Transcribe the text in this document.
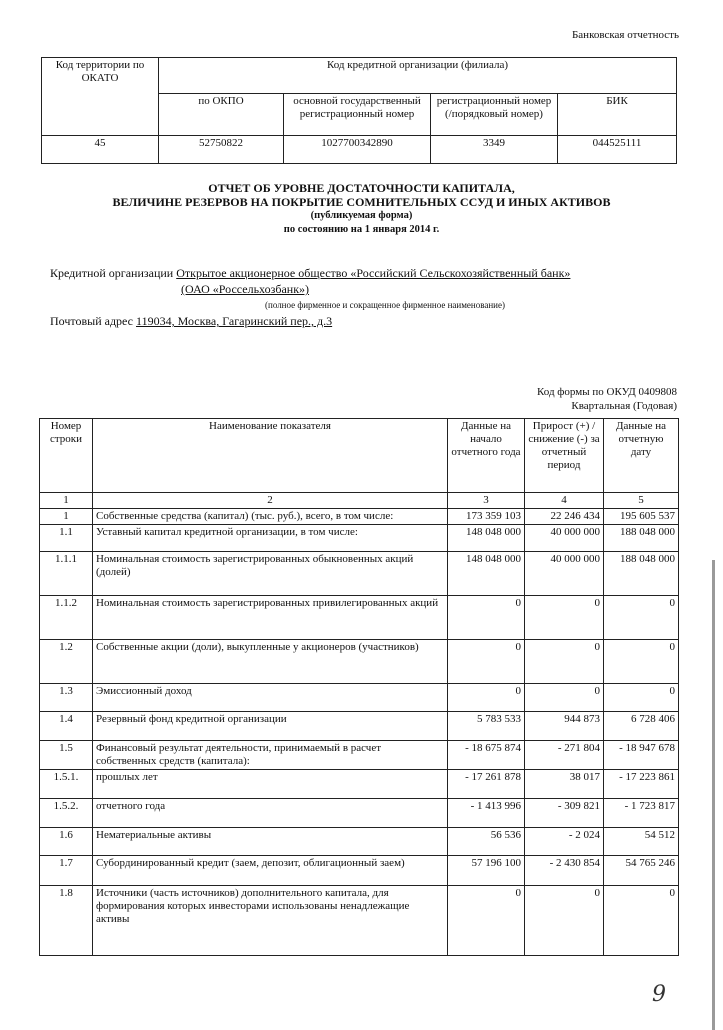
Банковская отчетность
Код территории по ОКАТО	Код кредитной организации (филиала)			
	по ОКПО	основной государственный регистрационный номер	регистрационный номер (/порядковый номер)	БИК
45	52750822	1027700342890	3349	044525111
ОТЧЕТ ОБ УРОВНЕ ДОСТАТОЧНОСТИ КАПИТАЛА,
ВЕЛИЧИНЕ РЕЗЕРВОВ НА ПОКРЫТИЕ СОМНИТЕЛЬНЫХ ССУД И ИНЫХ АКТИВОВ
(публикуемая форма)
по состоянию на 1 января 2014 г.
Кредитной организации Открытое акционерное общество «Российский Сельскохозяйственный банк»
(ОАО «Россельхозбанк»)
(полное фирменное и сокращенное фирменное наименование)
Почтовый адрес 119034, Москва, Гагаринский пер., д.3
Код формы по ОКУД 0409808
Квартальная (Годовая)
Номер строки	Наименование показателя	Данные на начало отчетного года	Прирост (+) / снижение (-) за отчетный период	Данные на отчетную дату
1	2	3	4	5
1	Собственные средства (капитал) (тыс. руб.), всего, в том числе:	173 359 103	22 246 434	195 605 537
1.1	Уставный капитал кредитной организации, в том числе:	148 048 000	40 000 000	188 048 000
1.1.1	Номинальная стоимость зарегистрированных обыкновенных акций (долей)	148 048 000	40 000 000	188 048 000
1.1.2	Номинальная стоимость зарегистрированных привилегированных акций	0	0	0
1.2	Собственные акции (доли), выкупленные у акционеров (участников)	0	0	0
1.3	Эмиссионный доход	0	0	0
1.4	Резервный фонд кредитной организации	5 783 533	944 873	6 728 406
1.5	Финансовый результат деятельности, принимаемый в расчет собственных средств (капитала):	- 18 675 874	- 271 804	- 18 947 678
1.5.1.	прошлых лет	- 17 261 878	38 017	- 17 223 861
1.5.2.	отчетного года	- 1 413 996	- 309 821	- 1 723 817
1.6	Нематериальные активы	56 536	- 2 024	54 512
1.7	Субординированный кредит (заем, депозит, облигационный заем)	57 196 100	- 2 430 854	54 765 246
1.8	Источники (часть источников) дополнительного капитала, для формирования которых инвесторами использованы ненадлежащие активы	0	0	0
9
